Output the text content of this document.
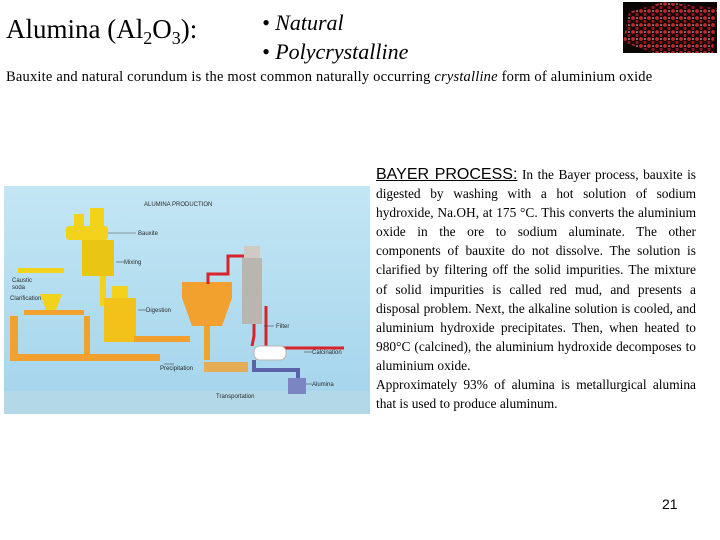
Alumina $(Al_2O_3)$:	• Natural
• Polycrystalline
Bauxite and natural corundum is the most common naturally occurring crystalline form of aluminium oxide
ALUMINA PRODUCTION
Bauxite
Mixing
Caustic
soda
Clarification
Digestion
Precipitation
Filter
Calcination
Alumina
Transportation

BAYER PROCESS: In the Bayer process, bauxite is digested by washing with a hot solution of sodium hydroxide, Na.OH, at 175 °C. This converts the aluminium oxide in the ore to sodium aluminate. The other components of bauxite do not dissolve. The solution is clarified by filtering off the solid impurities. The mixture of solid impurities is called red mud, and presents a disposal problem. Next, the alkaline solution is cooled, and aluminium hydroxide precipitates. Then, when heated to 980°C (calcined), the aluminium hydroxide decomposes to aluminium oxide.

Approximately 93% of alumina is metallurgical alumina that is used to produce aluminum.

21
